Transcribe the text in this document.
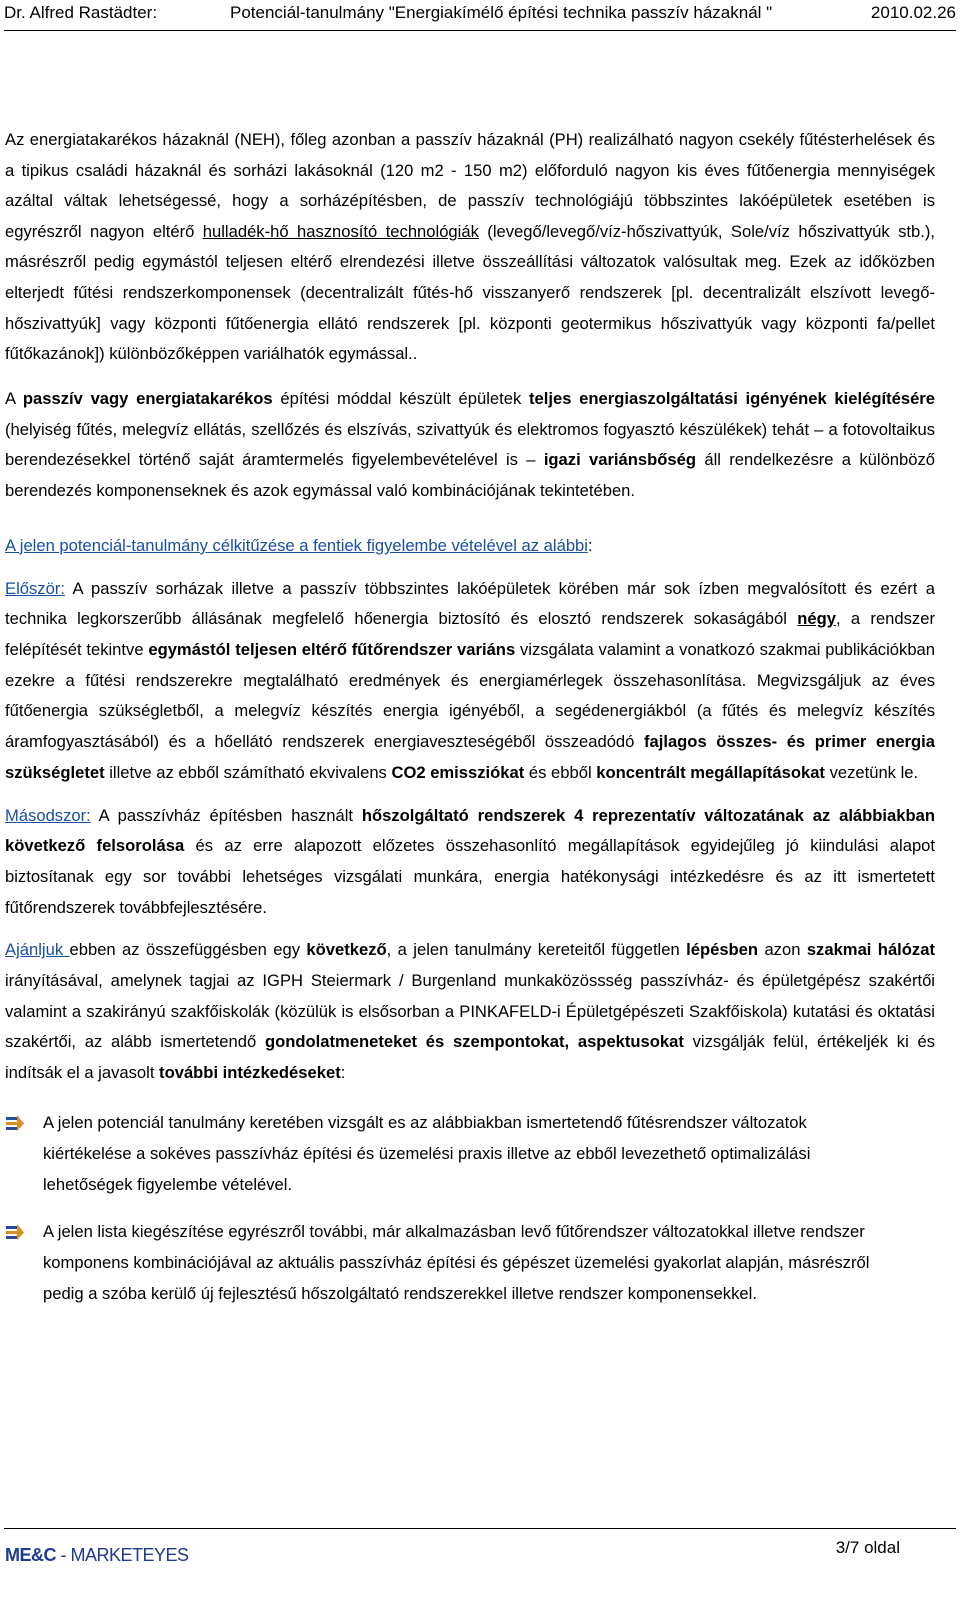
Dr. Alfred Rastädter:	Potenciál-tanulmány "Energiakímélő építési technika passzív házaknál "	2010.02.26

Az energiatakarékos házaknál (NEH), főleg azonban a passzív házaknál (PH) realizálható nagyon csekély fűtésterhelések és a tipikus családi házaknál és sorházi lakásoknál (120 m2 - 150 m2) előforduló nagyon kis éves fűtőenergia mennyiségek azáltal váltak lehetségessé, hogy a sorházépítésben, de passzív technológiájú többszintes lakóépületek esetében is egyrészről nagyon eltérő hulladék-hő hasznosító technológiák (levegő/levegő/víz-hőszivattyúk, Sole/víz hőszivattyúk stb.), másrészről pedig egymástól teljesen eltérő elrendezési illetve összeállítási változatok valósultak meg. Ezek az időközben elterjedt fűtési rendszerkomponensek (decentralizált fűtés-hő visszanyerő rendszerek [pl. decentralizált elszívott levegő-hőszivattyúk] vagy központi fűtőenergia ellátó rendszerek [pl. központi geotermikus hőszivattyúk vagy központi fa/pellet fűtőkazánok]) különbözőképpen variálhatók egymással..

A passzív vagy energiatakarékos építési móddal készült épületek teljes energiaszolgáltatási igényének kielégítésére (helyiség fűtés, melegvíz ellátás, szellőzés és elszívás, szivattyúk és elektromos fogyasztó készülékek) tehát – a fotovoltaikus berendezésekkel történő saját áramtermelés figyelembevételével is – igazi variánsbőség áll rendelkezésre a különböző berendezés komponenseknek és azok egymással való kombinációjának tekintetében.

A jelen potenciál-tanulmány célkitűzése a fentiek figyelembe vételével az alábbi:

Először: A passzív sorházak illetve a passzív többszintes lakóépületek körében már sok ízben megvalósított és ezért a technika legkorszerűbb állásának megfelelő hőenergia biztosító és elosztó rendszerek sokaságából négy, a rendszer felépítését tekintve egymástól teljesen eltérő fűtőrendszer variáns vizsgálata valamint a vonatkozó szakmai publikációkban ezekre a fűtési rendszerekre megtalálható eredmények és energiamérlegek összehasonlítása. Megvizsgáljuk az éves fűtőenergia szükségletből, a melegvíz készítés energia igényéből, a segédenergiákból (a fűtés és melegvíz készítés áramfogyasztásából) és a hőellátó rendszerek energiaveszteségéből összeadódó fajlagos összes- és primer energia szükségletet illetve az ebből számítható ekvivalens CO2 emissziókat és ebből koncentrált megállapításokat vezetünk le.

Másodszor: A passzívház építésben használt hőszolgáltató rendszerek 4 reprezentatív változatának az alábbiakban következő felsorolása és az erre alapozott előzetes összehasonlító megállapítások egyidejűleg jó kiindulási alapot biztosítanak egy sor további lehetséges vizsgálati munkára, energia hatékonysági intézkedésre és az itt ismertetett fűtőrendszerek továbbfejlesztésére.

Ajánljuk ebben az összefüggésben egy következő, a jelen tanulmány kereteitől független lépésben azon szakmai hálózat irányításával, amelynek tagjai az IGPH Steiermark / Burgenland munkaközössség passzívház- és épületgépész szakértői valamint a szakirányú szakfőiskolák (közülük is elsősorban a PINKAFELD-i Épületgépészeti Szakfőiskola) kutatási és oktatási szakértői, az alább ismertetendő gondolatmeneteket és szempontokat, aspektusokat vizsgálják felül, értékeljék ki és indítsák el a javasolt további intézkedéseket:

A jelen potenciál tanulmány keretében vizsgált es az alábbiakban ismertetendő fűtésrendszer változatok kiértékelése a sokéves passzívház építési és üzemelési praxis illetve az ebből levezethető optimalizálási lehetőségek figyelembe vételével.
A jelen lista kiegészítése egyrészről további, már alkalmazásban levő fűtőrendszer változatokkal illetve rendszer komponens kombinációjával az aktuális passzívház építési és gépészet üzemelési gyakorlat alapján, másrészről pedig a szóba kerülő új fejlesztésű hőszolgáltató rendszerekkel illetve rendszer komponensekkel.
ME&C - MARKETEYES	3/7 oldal
